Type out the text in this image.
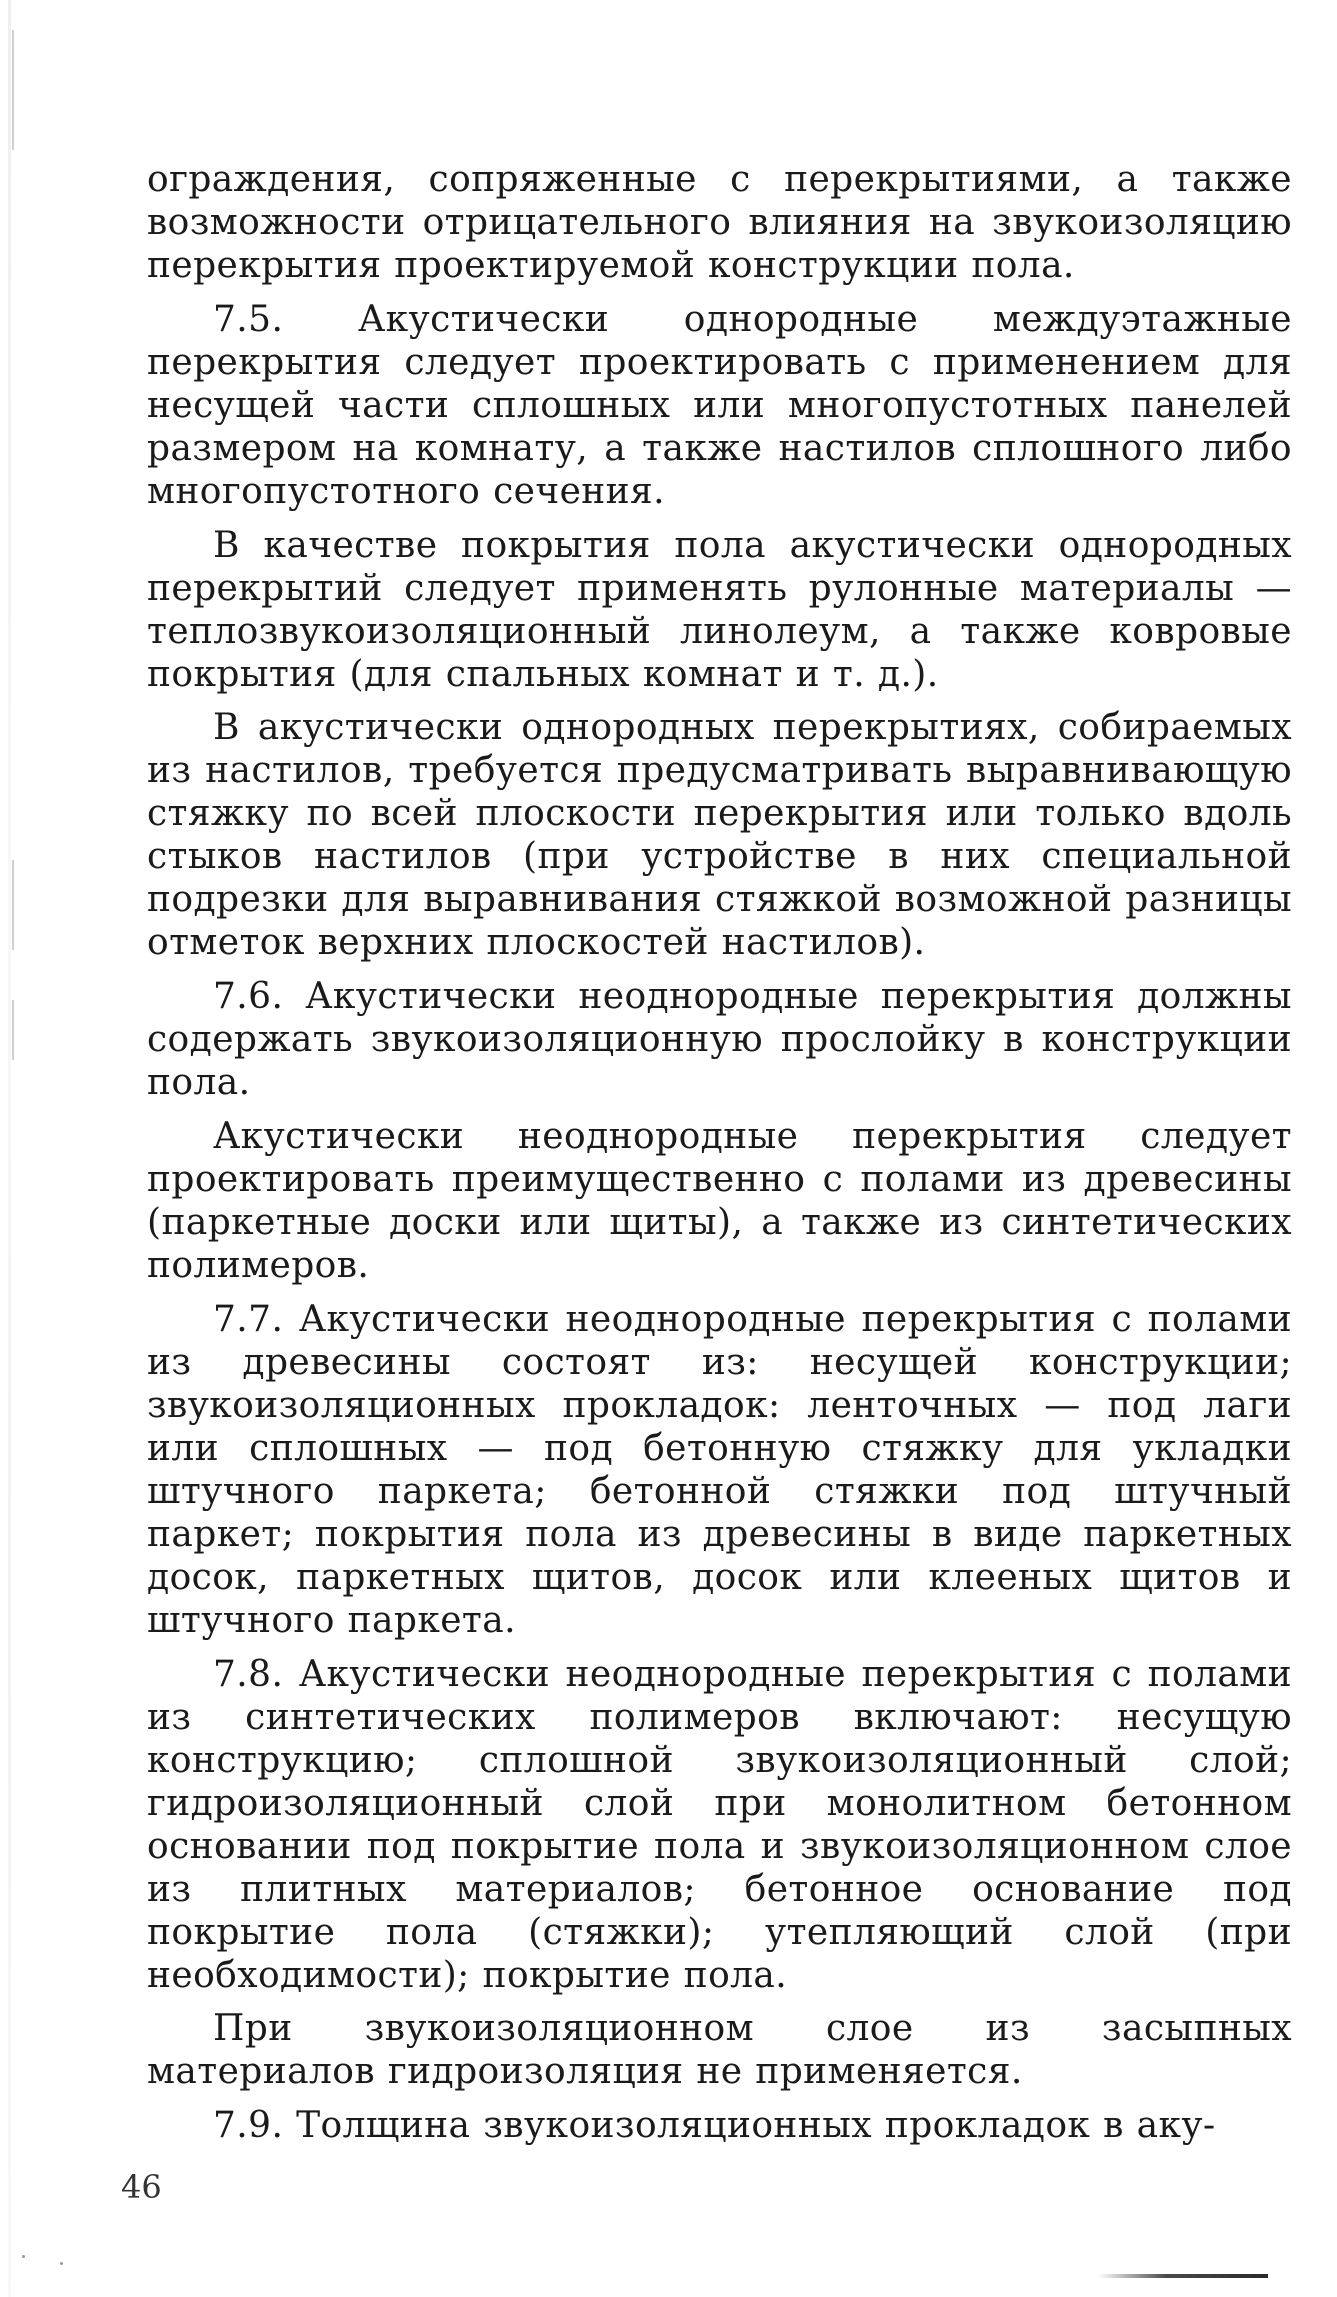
ограждения, сопряженные с перекрытиями, а также возможности отрицательного влияния на звукоизоляцию перекрытия проектируемой конструкции пола.

7.5. Акустически однородные междуэтажные перекрытия следует проектировать с применением для несущей части сплошных или многопустотных панелей размером на комнату, а также настилов сплошного либо многопустотного сечения.

В качестве покрытия пола акустически однородных перекрытий следует применять рулонные материалы — теплозвукоизоляционный линолеум, а также ковровые покрытия (для спальных комнат и т. д.).

В акустически однородных перекрытиях, собираемых из настилов, требуется предусматривать выравнивающую стяжку по всей плоскости перекрытия или только вдоль стыков настилов (при устройстве в них специальной подрезки для выравнивания стяжкой возможной разницы отметок верхних плоскостей настилов).

7.6. Акустически неоднородные перекрытия должны содержать звукоизоляционную прослойку в конструкции пола.

Акустически неоднородные перекрытия следует проектировать преимущественно с полами из древесины (паркетные доски или щиты), а также из синтетических полимеров.

7.7. Акустически неоднородные перекрытия с полами из древесины состоят из: несущей конструкции; звукоизоляционных прокладок: ленточных — под лаги или сплошных — под бетонную стяжку для укладки штучного паркета; бетонной стяжки под штучный паркет; покрытия пола из древесины в виде паркетных досок, паркетных щитов, досок или клееных щитов и штучного паркета.

7.8. Акустически неоднородные перекрытия с полами из синтетических полимеров включают: несущую конструкцию; сплошной звукоизоляционный слой; гидроизоляционный слой при монолитном бетонном основании под покрытие пола и звукоизоляционном слое из плитных материалов; бетонное основание под покрытие пола (стяжки); утепляющий слой (при необходимости); покрытие пола.

При звукоизоляционном слое из засыпных материалов гидроизоляция не применяется.

7.9. Толщина звукоизоляционных прокладок в аку-

46
